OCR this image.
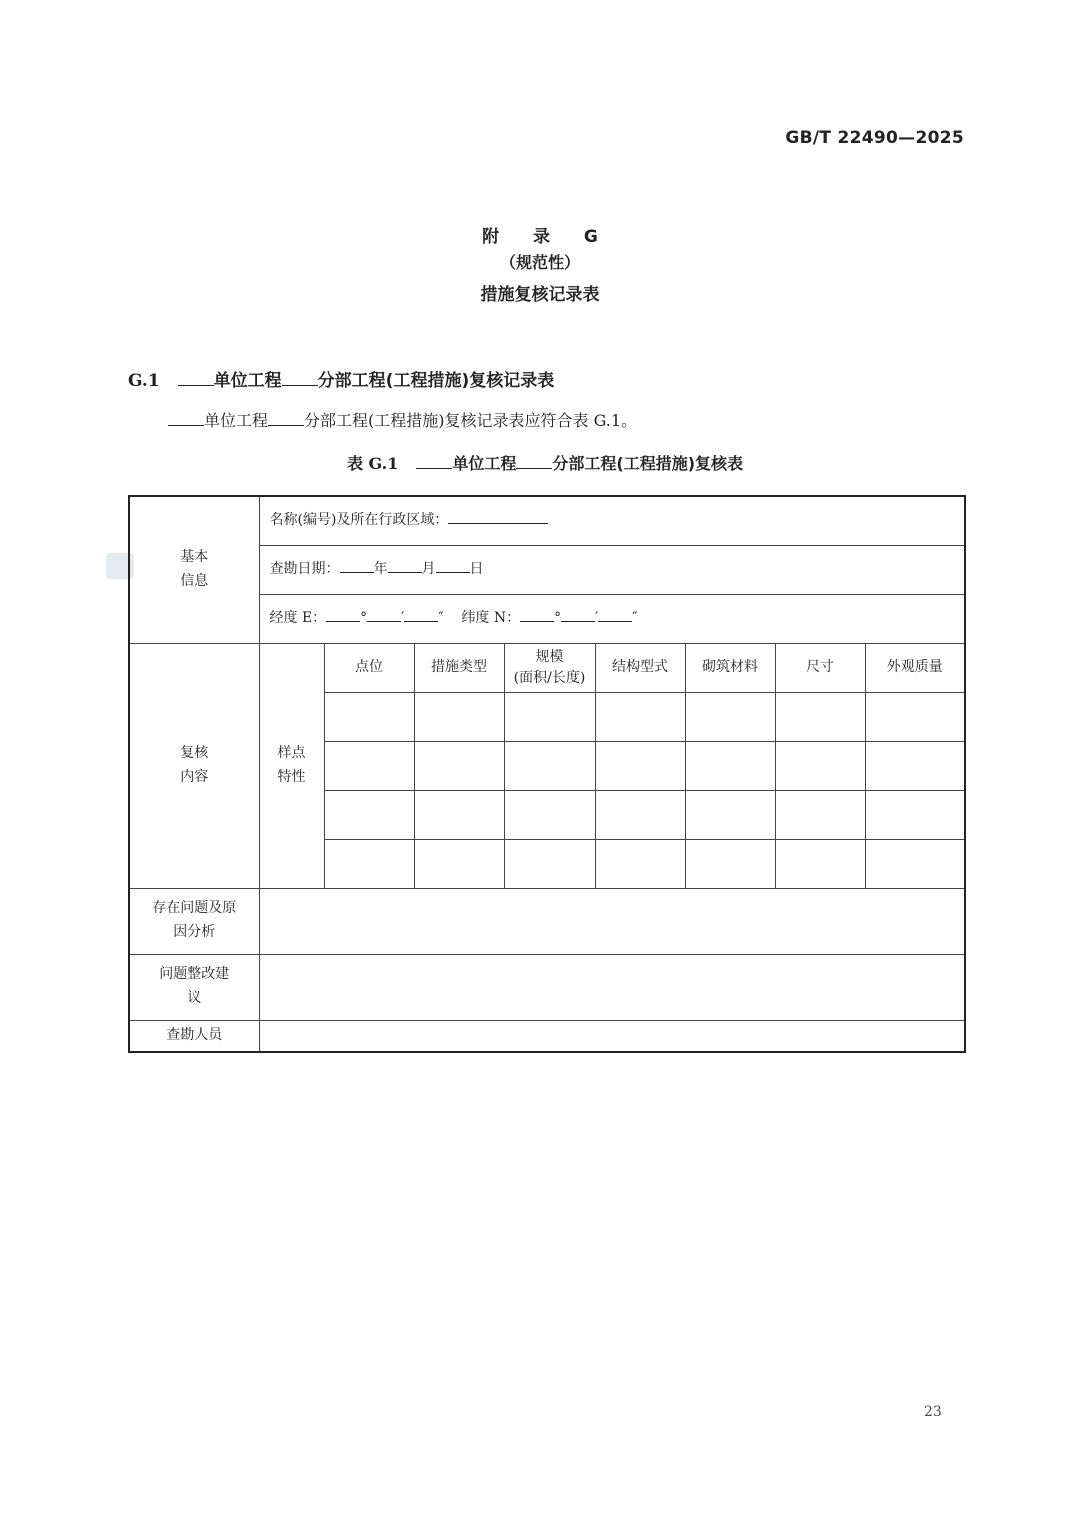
GB/T 22490—2025
附 录 G
（规范性）
措施复核记录表
G.1	单位工程 分部工程(工程措施)复核记录表
单位工程 分部工程(工程措施)复核记录表应符合表 G.1。
表 G.1	单位工程 分部工程(工程措施)复核表
基本信息	名称(编号)及所在行政区域：							
	查勘日期： 年 月 日							
	经度 E： ° ′ ″ 纬度 N： ° ′ ″							

复核内容	样点特性	点位	措施类型	规模
(面积/长度)	结构型式	砌筑材料	尺寸	外观质量

存在问题及原因分析								

问题整改建议								

查勘人员								
23
